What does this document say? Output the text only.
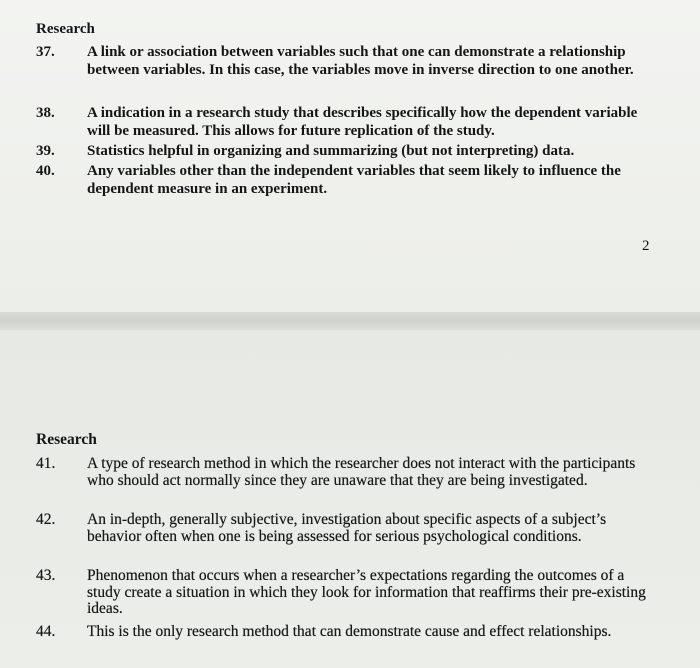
Research
37. A link or association between variables such that one can demonstrate a relationship between variables. In this case, the variables move in inverse direction to one another.
38. A indication in a research study that describes specifically how the dependent variable will be measured. This allows for future replication of the study.
39. Statistics helpful in organizing and summarizing (but not interpreting) data.
40. Any variables other than the independent variables that seem likely to influence the dependent measure in an experiment.
2
Research
41. A type of research method in which the researcher does not interact with the participants who should act normally since they are unaware that they are being investigated.
42. An in-depth, generally subjective, investigation about specific aspects of a subject’s behavior often when one is being assessed for serious psychological conditions.
43. Phenomenon that occurs when a researcher’s expectations regarding the outcomes of a study create a situation in which they look for information that reaffirms their pre-existing ideas.
44. This is the only research method that can demonstrate cause and effect relationships.
